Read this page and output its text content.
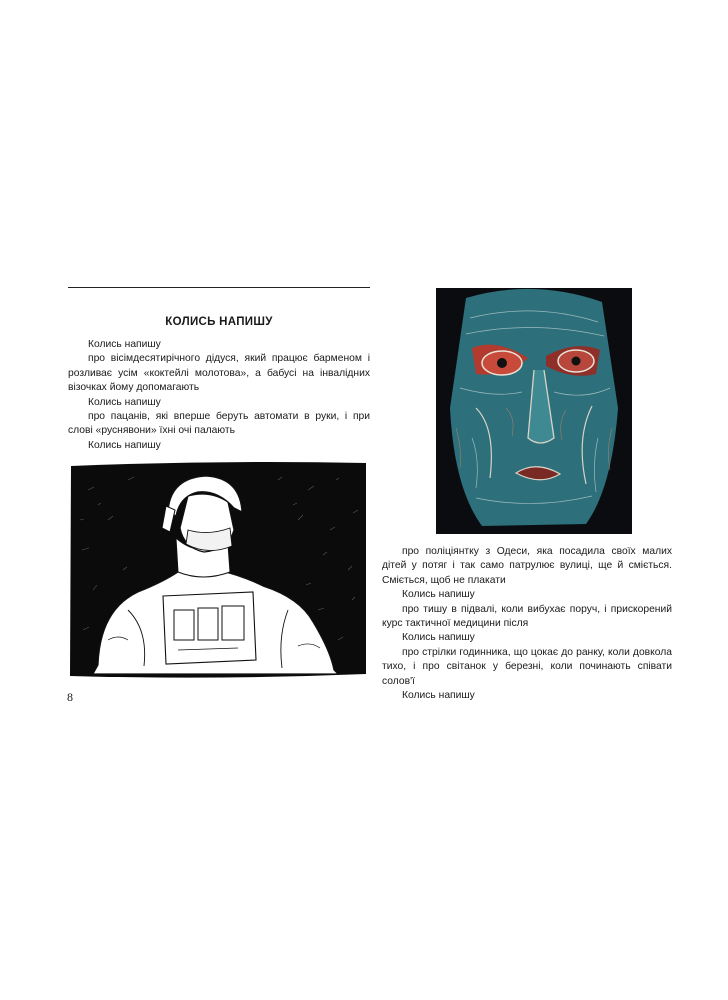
КОЛИСЬ НАПИШУ

Колись напишу

про вісімдесятирічного дідуся, який працює барменом і розливає усім «коктейлі молотова», а бабусі на інвалідних візочках йому допомагають

Колись напишу

про пацанів, які вперше беруть автомати в руки, і при слові «руснявони» їхні очі палають

Колись напишу

Fusik'24

про поліціянтку з Одеси, яка посадила своїх малих дітей у потяг і так само патрулює вулиці, ще й сміється. Сміється, щоб не плакати

Колись напишу

про тишу в підвалі, коли вибухає поруч, і прискорений курс тактичної медицини після

Колись напишу

про стрілки годинника, що цокає до ранку, коли довкола тихо, і про світанок у березні, коли починають співати солов'ї

Колись напишу

8
